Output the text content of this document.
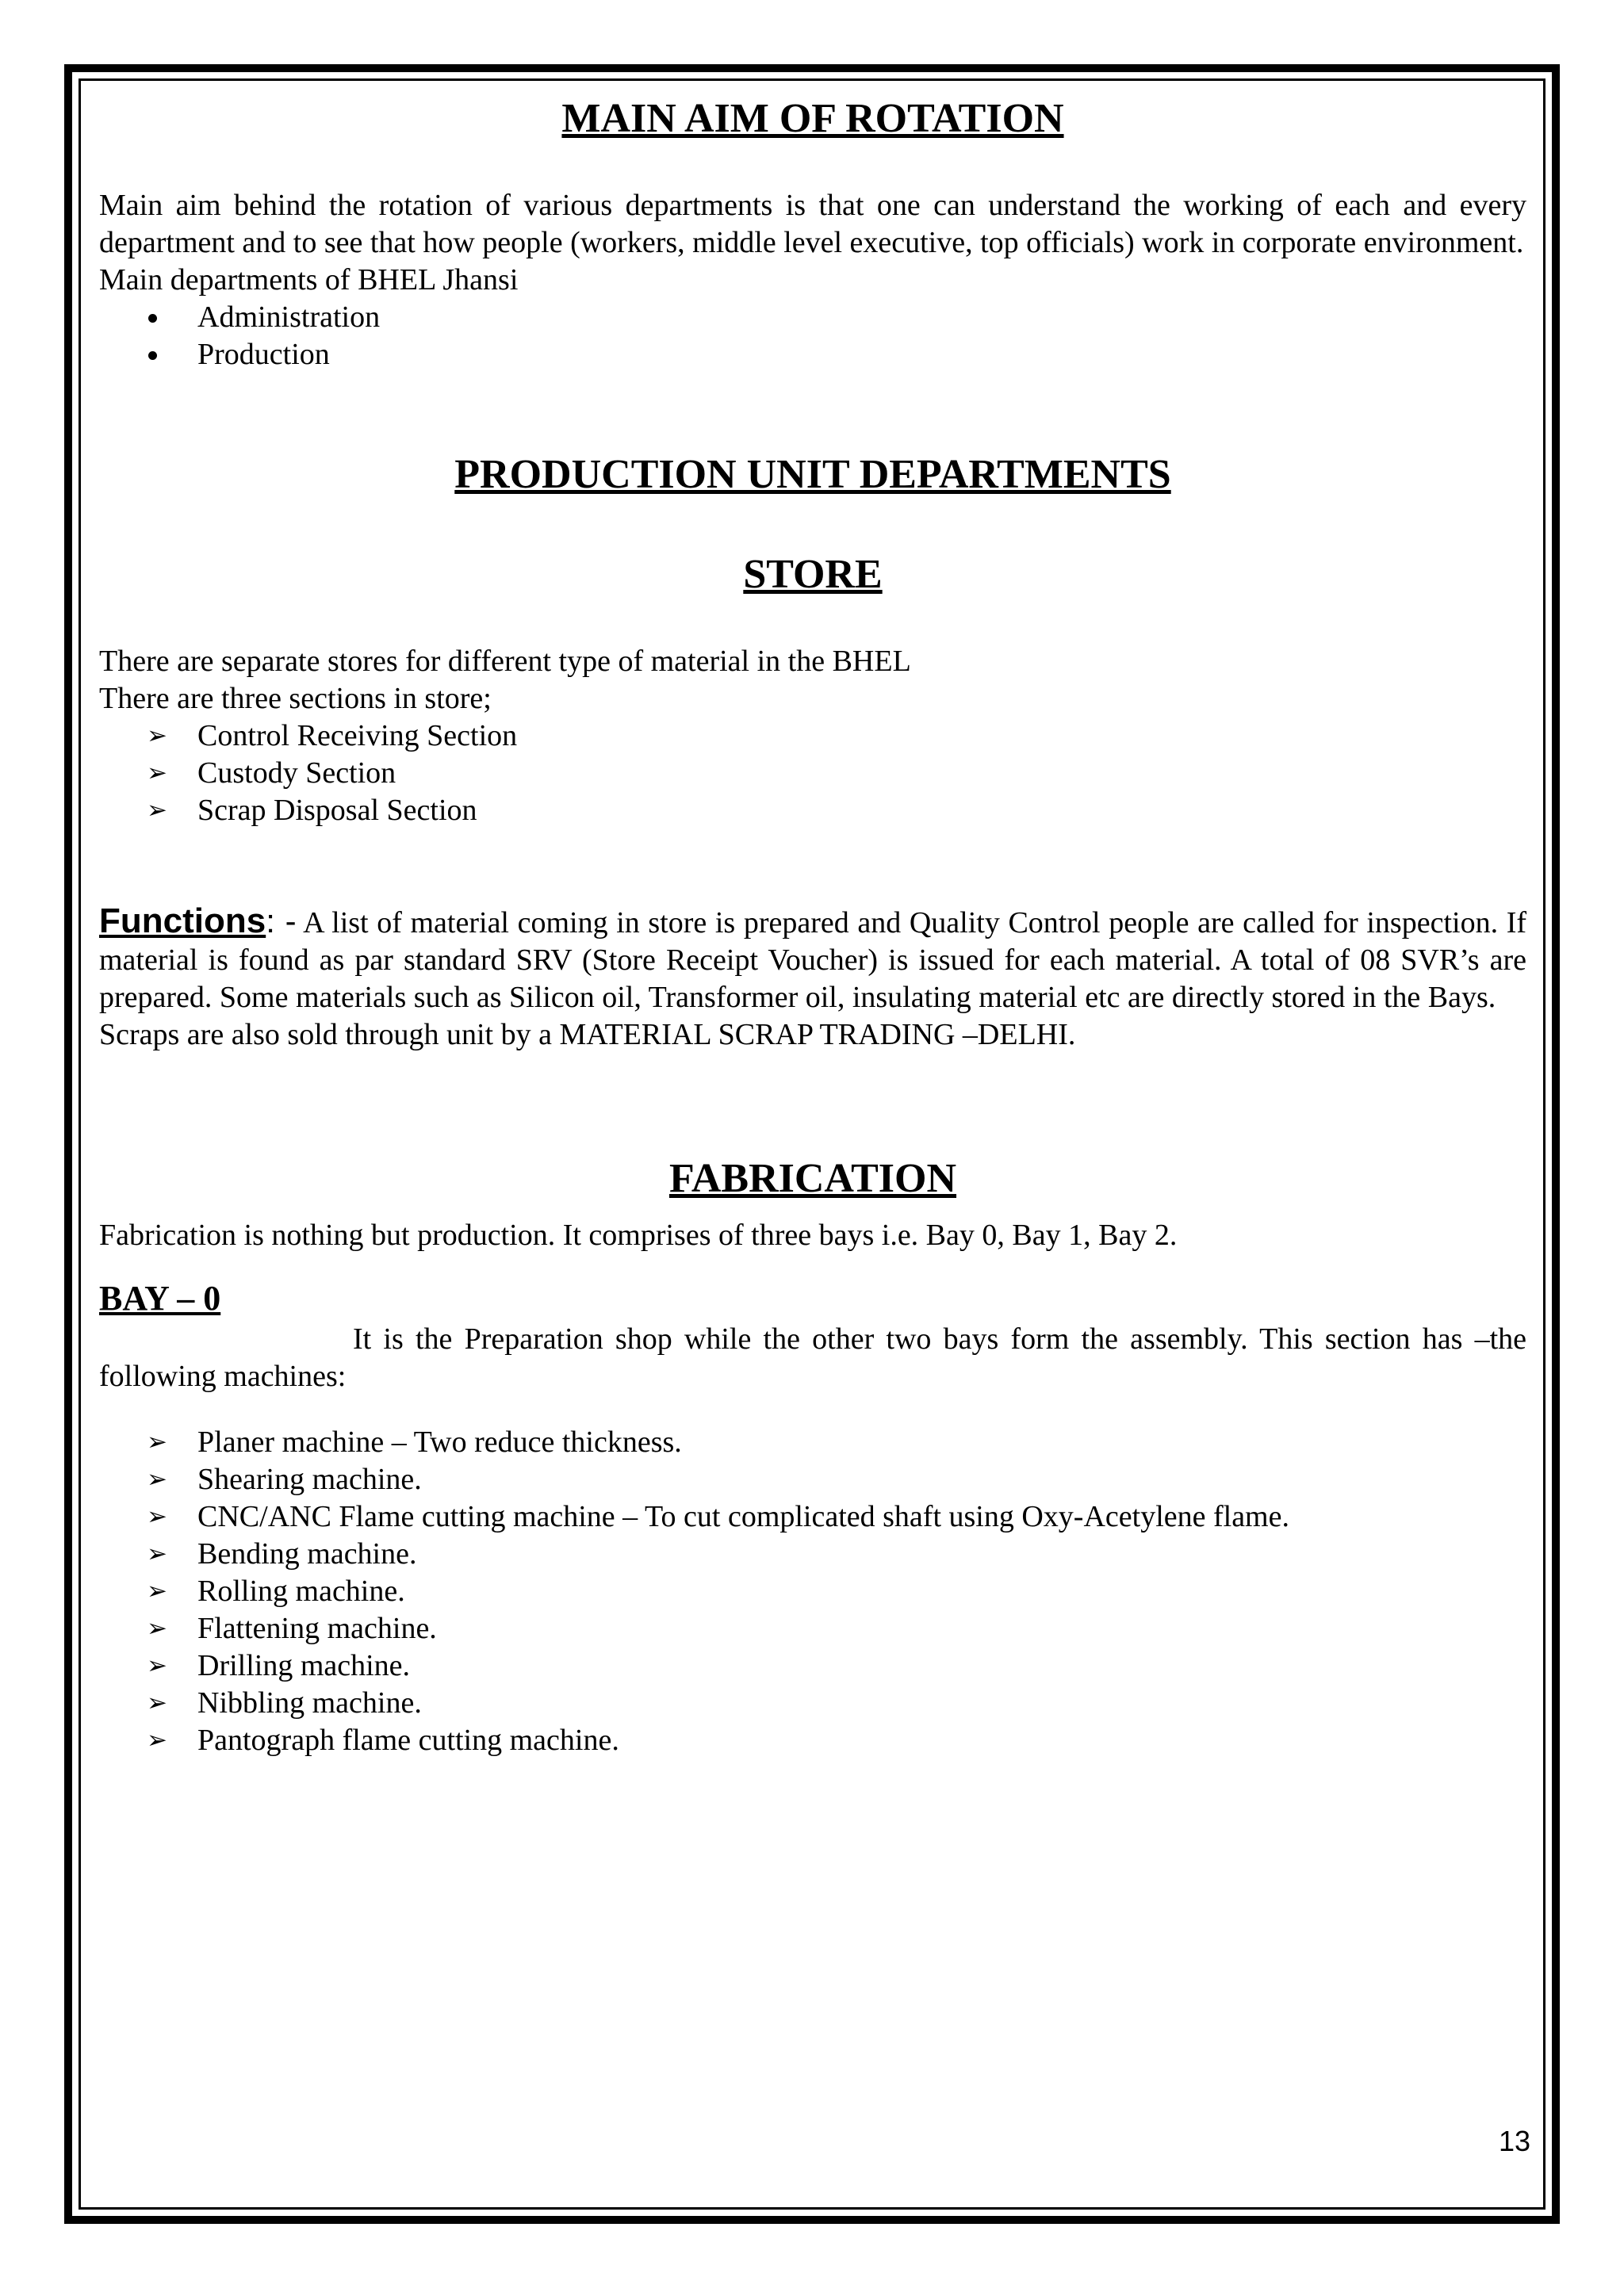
MAIN AIM OF ROTATION

Main aim behind the rotation of various departments is that one can understand the working of each and every department and to see that how people (workers, middle level executive, top officials) work in corporate environment.

Main departments of BHEL Jhansi

Administration
Production
PRODUCTION UNIT DEPARTMENTS
STORE

There are separate stores for different type of material in the BHEL

There are three sections in store;

➢ Control Receiving Section
➢ Custody Section
➢ Scrap Disposal Section

Functions: - A list of material coming in store is prepared and Quality Control people are called for inspection. If material is found as par standard SRV (Store Receipt Voucher) is issued for each material. A total of 08 SVR’s are prepared. Some materials such as Silicon oil, Transformer oil, insulating material etc are directly stored in the Bays.

Scraps are also sold through unit by a MATERIAL SCRAP TRADING –DELHI.

FABRICATION

Fabrication is nothing but production. It comprises of three bays i.e. Bay 0, Bay 1, Bay 2.

BAY – 0

It is the Preparation shop while the other two bays form the assembly. This section has –the following machines:

➢ Planer machine – Two reduce thickness.
➢ Shearing machine.
➢ CNC/ANC Flame cutting machine – To cut complicated shaft using Oxy-Acetylene flame.
➢ Bending machine.
➢ Rolling machine.
➢ Flattening machine.
➢ Drilling machine.
➢ Nibbling machine.
➢ Pantograph flame cutting machine.
13
